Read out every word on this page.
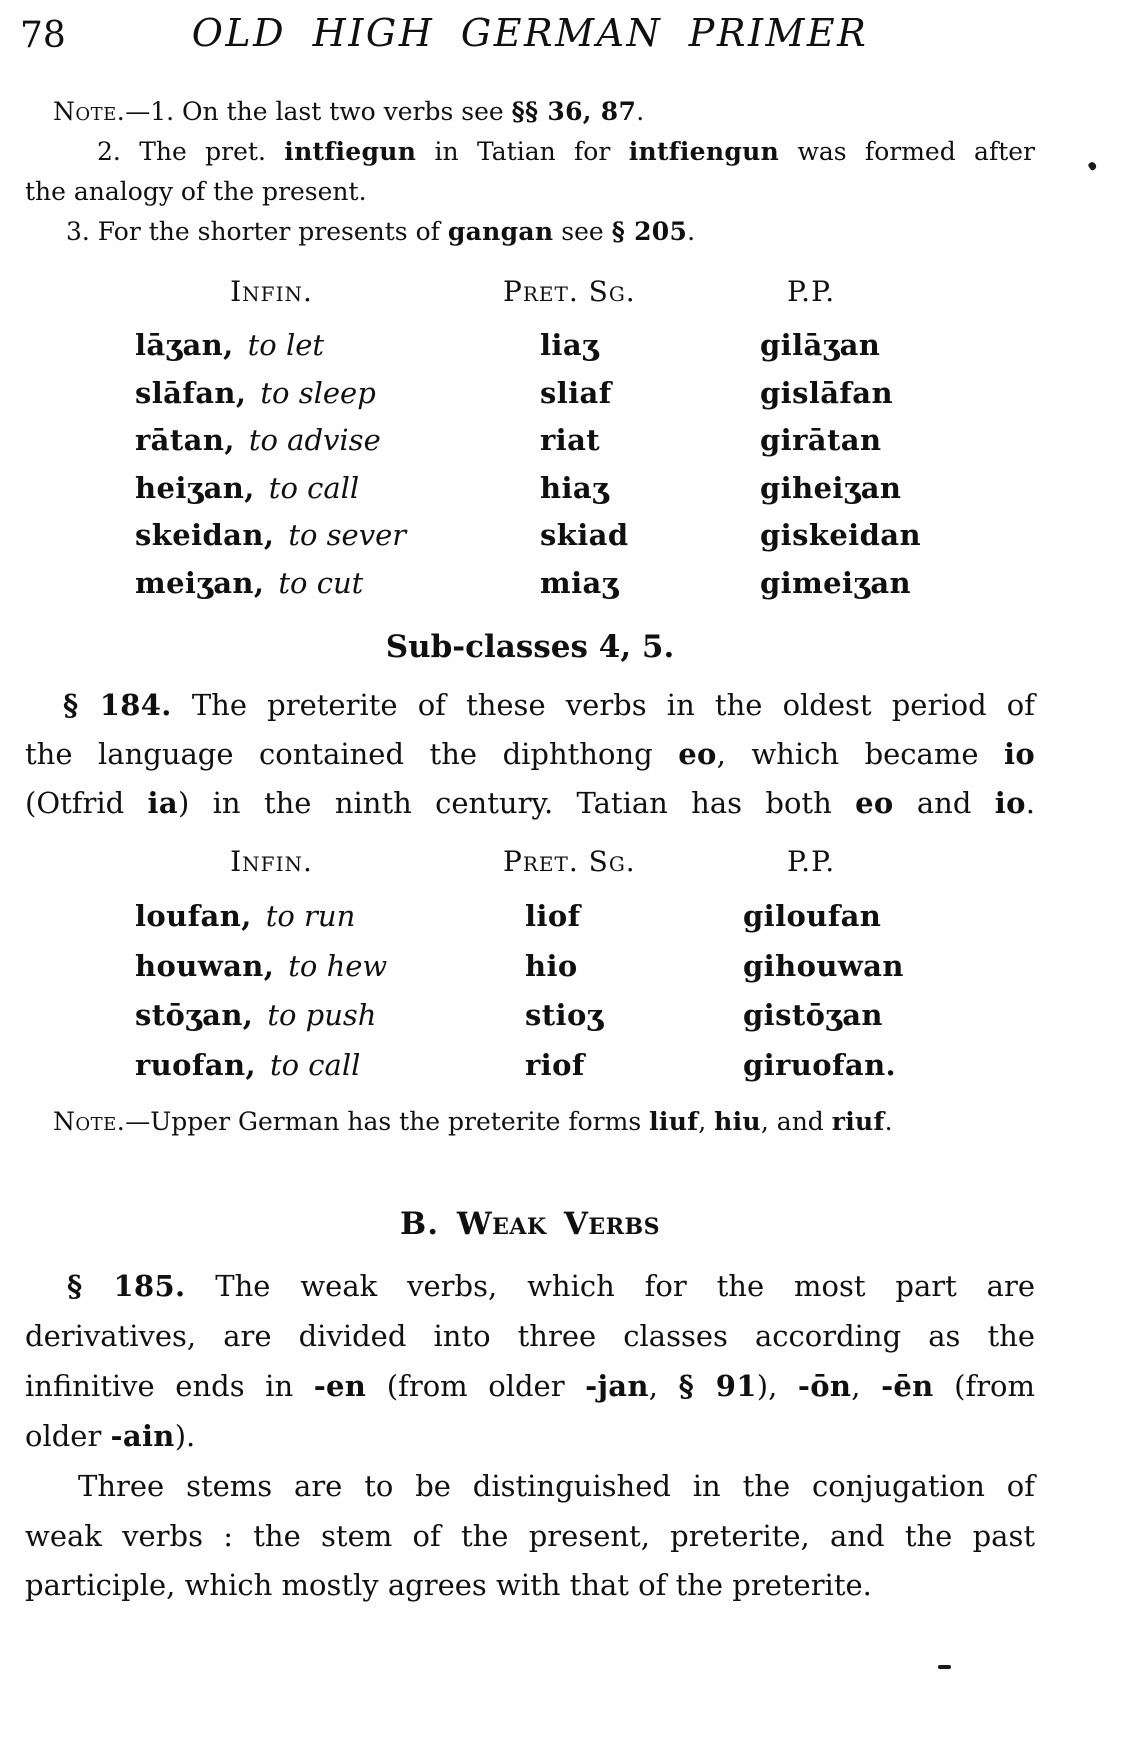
78	OLD HIGH GERMAN PRIMER
Note.—1. On the last two verbs see §§ 36, 87.
2. The pret. intfiegun in Tatian for intfiengun was formed after
the analogy of the present.
3. For the shorter presents of gangan see § 205.
Infin.	Pret. Sg.	P.P.
lāʒan, to let	liaʒ	gilāʒan
slāfan, to sleep	sliaf	gislāfan
rātan, to advise	riat	girātan
heiʒan, to call	hiaʒ	giheiʒan
skeidan, to sever	skiad	giskeidan
meiʒan, to cut	miaʒ	gimeiʒan
Sub-classes 4, 5.
§ 184. The preterite of these verbs in the oldest period of
the language contained the diphthong eo, which became io
(Otfrid ia) in the ninth century. Tatian has both eo and io.
Infin.	Pret. Sg.	P.P.
loufan, to run	liof	giloufan
houwan, to hew	hio	gihouwan
stōʒan, to push	stioʒ	gistōʒan
ruofan, to call	riof	giruofan.
Note.—Upper German has the preterite forms liuf, hiu, and riuf.
B. Weak Verbs
§ 185. The weak verbs, which for the most part are
derivatives, are divided into three classes according as the
infinitive ends in -en (from older -jan, § 91), -ōn, -ēn (from
older -ain).
Three stems are to be distinguished in the conjugation of
weak verbs : the stem of the present, preterite, and the past
participle, which mostly agrees with that of the preterite.
